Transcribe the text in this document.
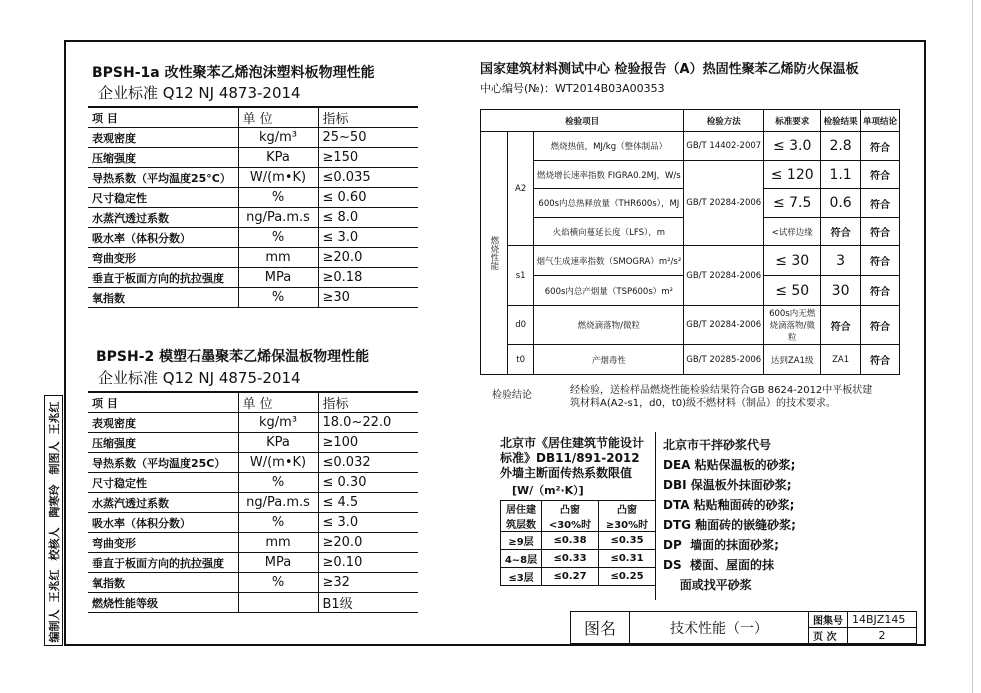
编制人
王兆红
校核人
陶寒玲
制图人
王兆红
BPSH-1a 改性聚苯乙烯泡沫塑料板物理性能
企业标准 Q12 NJ 4873-2014
项 目	单 位	指标
表观密度	kg/m³	25~50
压缩强度	KPa	≥150
导热系数（平均温度25°C）	W/(m•K)	≤0.035
尺寸稳定性	%	≤ 0.60
水蒸汽透过系数	ng/Pa.m.s	≤ 8.0
吸水率（体积分数）	%	≤ 3.0
弯曲变形	mm	≥20.0
垂直于板面方向的抗拉强度	MPa	≥0.18
氧指数	%	≥30
BPSH-2 模塑石墨聚苯乙烯保温板物理性能
企业标准 Q12 NJ 4875-2014
项 目	单 位	指标
表观密度	kg/m³	18.0~22.0
压缩强度	KPa	≥100
导热系数（平均温度25C）	W/(m•K)	≤0.032
尺寸稳定性	%	≤ 0.30
水蒸汽透过系数	ng/Pa.m.s	≤ 4.5
吸水率（体积分数）	%	≤ 3.0
弯曲变形	mm	≥20.0
垂直于板面方向的抗拉强度	MPa	≥0.10
氧指数	%	≥32
燃烧性能等级		B1级
国家建筑材料测试中心 检验报告（A）热固性聚苯乙烯防火保温板
中心编号(№)：WT2014B03A00353
检验项目			检验方法	标准要求	检验结果	单项结论
燃烧性能	A2	燃烧热值，MJ/kg（整体制品）	GB/T 14402-2007	≤ 3.0	2.8	符合
		燃烧增长速率指数 FIGRA0.2MJ，W/s	GB/T 20284-2006	≤ 120	1.1	符合
		600s内总热释放量（THR600s），MJ		≤ 7.5	0.6	符合
		火焰横向蔓延长度（LFS），m		<试样边缘	符合	符合
	s1	烟气生成速率指数（SMOGRA）m²/s²	GB/T 20284-2006	≤ 30	3	符合
		600s内总产烟量（TSP600s）m²		≤ 50	30	符合
	d0	燃烧滴落物/微粒	GB/T 20284-2006	600s内无燃烧滴落物/微粒	符合	符合
	t0	产烟毒性	GB/T 20285-2006	达到ZA1级	ZA1	符合
检验结论	经检验，送检样品燃烧性能检验结果符合GB 8624-2012中平板状建筑材料A(A2-s1，d0，t0)级不燃材料（制品）的技术要求。
北京市《居住建筑节能设计标准》DB11/891-2012 外墙主断面传热系数限值
[W/（m²·K）]
居住建筑层数	凸窗<30%时	凸窗≥30%时
≥9层	≤0.38	≤0.35
4~8层	≤0.33	≤0.31
≤3层	≤0.27	≤0.25
北京市干拌砂浆代号
DEA 粘贴保温板的砂浆;
DBI 保温板外抹面砂浆;
DTA 粘贴釉面砖的砂浆;
DTG 釉面砖的嵌缝砂浆;
DP  墙面的抹面砂浆;
DS  楼面、屋面的抹
面或找平砂浆
图名	技术性能（一）	图集号	14BJZ145
		页 次	2
